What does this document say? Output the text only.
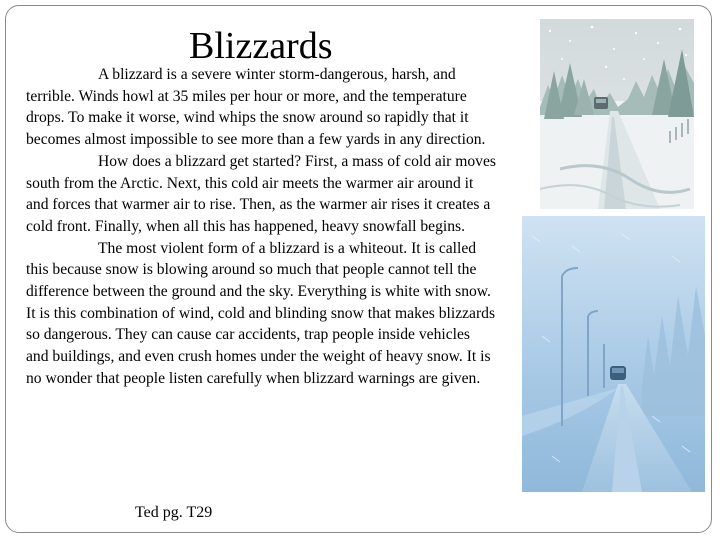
Blizzards

A blizzard is a severe winter storm-dangerous, harsh, and terrible. Winds howl at 35 miles per hour or more, and the temperature drops. To make it worse, wind whips the snow around so rapidly that it becomes almost impossible to see more than a few yards in any direction.

How does a blizzard get started? First, a mass of cold air moves south from the Arctic. Next, this cold air meets the warmer air around it and forces that warmer air to rise. Then, as the warmer air rises it creates a cold front. Finally, when all this has happened, heavy snowfall begins.

The most violent form of a blizzard is a whiteout. It is called this because snow is blowing around so much that people cannot tell the difference between the ground and the sky. Everything is white with snow. It is this combination of wind, cold and blinding snow that makes blizzards so dangerous. They can cause car accidents, trap people inside vehicles and buildings, and even crush homes under the weight of heavy snow. It is no wonder that people listen carefully when blizzard warnings are given.

Ted pg. T29
